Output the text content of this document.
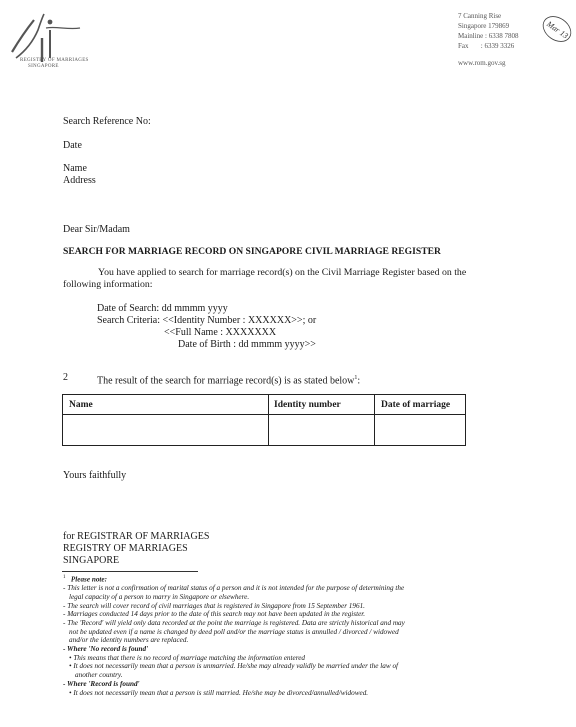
REGISTRY OF MARRIAGES
SINGAPORE
7 Canning Rise
Singapore 179869
Mainline : 6338 7808
Fax       : 6339 3326
www.rom.gov.sg
Mar 13
Search Reference No:
Date
Name
Address
Dear Sir/Madam
SEARCH FOR MARRIAGE RECORD ON SINGAPORE CIVIL MARRIAGE REGISTER
You have applied to search for marriage record(s) on the Civil Marriage Register based on the
following information:
Date of Search: dd mmmm yyyy
Search Criteria: <<Identity Number : XXXXXX>>; or
<<Full Name : XXXXXXX
Date of Birth : dd mmmm yyyy>>
2	The result of the search for marriage record(s) is as stated below$^1$:
Name	Identity number	Date of marriage
Yours faithfully
for REGISTRAR OF MARRIAGES
REGISTRY OF MARRIAGES
SINGAPORE
$^1$ Please note:
- This letter is not a confirmation of marital status of a person and it is not intended for the purpose of determining the
legal capacity of a person to marry in Singapore or elsewhere.
- The search will cover record of civil marriages that is registered in Singapore from 15 September 1961.
- Marriages conducted 14 days prior to the date of this search may not have been updated in the register.
- The 'Record' will yield only data recorded at the point the marriage is registered. Data are strictly historical and may
not be updated even if a name is changed by deed poll and/or the marriage status is annulled / divorced / widowed
and/or the identity numbers are replaced.
- Where 'No record is found'
• This means that there is no record of marriage matching the information entered
• It does not necessarily mean that a person is unmarried. He/she may already validly be married under the law of
another country.
- Where 'Record is found'
• It does not necessarily mean that a person is still married. He/she may be divorced/annulled/widowed.
